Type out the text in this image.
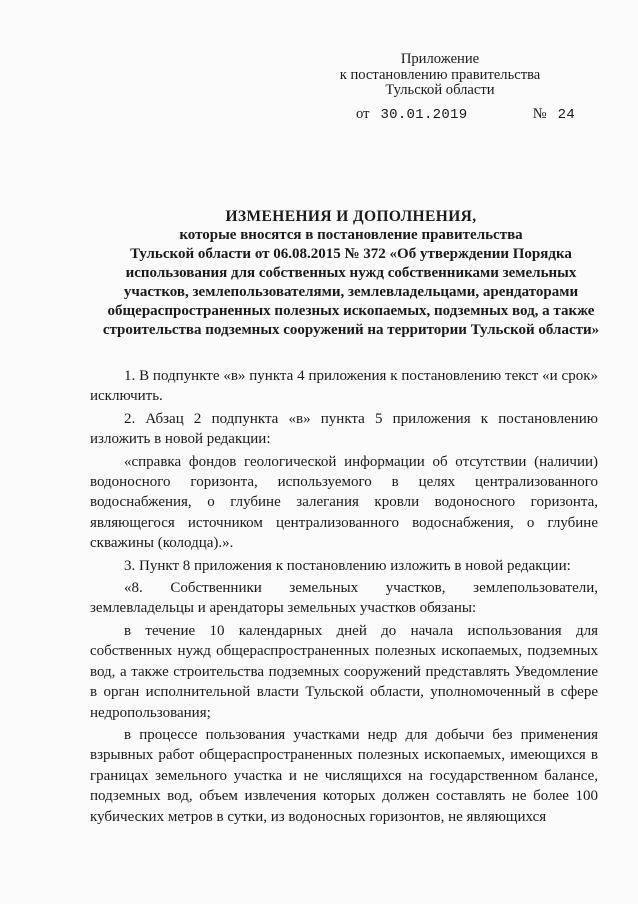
Приложение
к постановлению правительства
Тульской области
от 30.01.2019	№ 24
ИЗМЕНЕНИЯ И ДОПОЛНЕНИЯ,
которые вносятся в постановление правительства
Тульской области от 06.08.2015 № 372 «Об утверждении Порядка
использования для собственных нужд собственниками земельных
участков, землепользователями, землевладельцами, арендаторами
общераспространенных полезных ископаемых, подземных вод, а также
строительства подземных сооружений на территории Тульской области»

1. В подпункте «в» пункта 4 приложения к постановлению текст «и срок» исключить.

2. Абзац 2 подпункта «в» пункта 5 приложения к постановлению изложить в новой редакции:

«справка фондов геологической информации об отсутствии (наличии) водоносного горизонта, используемого в целях централизованного водоснабжения, о глубине залегания кровли водоносного горизонта, являющегося источником централизованного водоснабжения, о глубине скважины (колодца).».

3. Пункт 8 приложения к постановлению изложить в новой редакции:

«8. Собственники земельных участков, землепользователи, землевладельцы и арендаторы земельных участков обязаны:

в течение 10 календарных дней до начала использования для собственных нужд общераспространенных полезных ископаемых, подземных вод, а также строительства подземных сооружений представлять Уведомление в орган исполнительной власти Тульской области, уполномоченный в сфере недропользования;

в процессе пользования участками недр для добычи без применения взрывных работ общераспространенных полезных ископаемых, имеющихся в границах земельного участка и не числящихся на государственном балансе, подземных вод, объем извлечения которых должен составлять не более 100 кубических метров в сутки, из водоносных горизонтов, не являющихся
